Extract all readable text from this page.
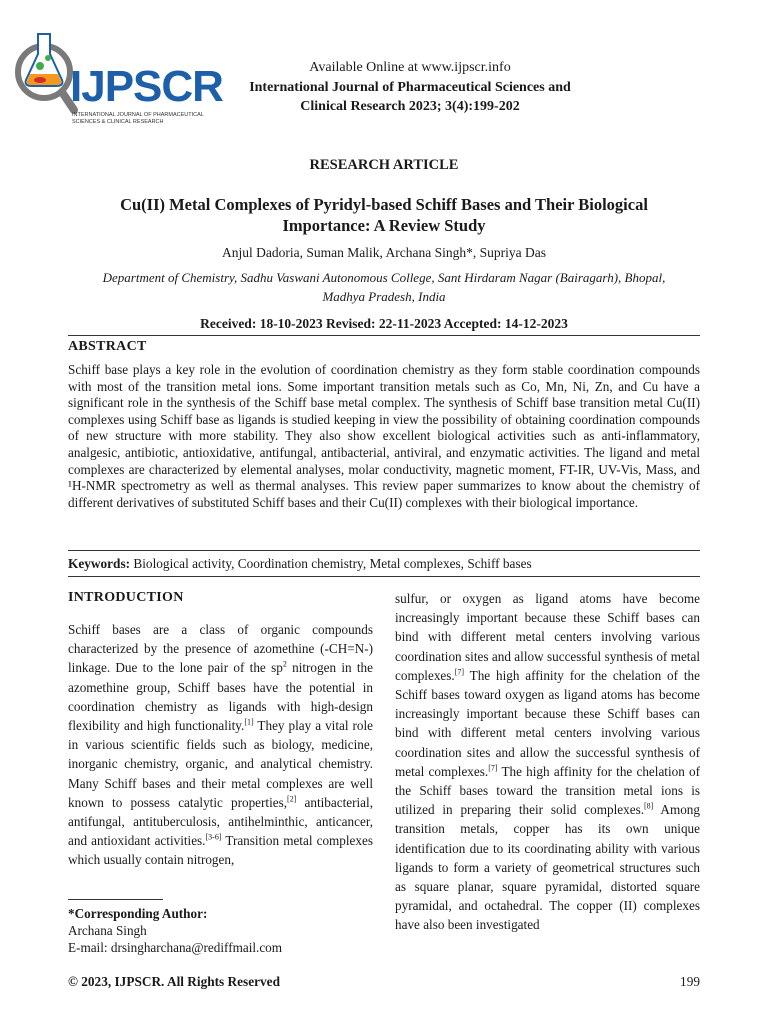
IJPSCR
INTERNATIONAL JOURNAL OF PHARMACEUTICAL SCIENCES & CLINICAL RESEARCH
Available Online at www.ijpscr.info
International Journal of Pharmaceutical Sciences and
Clinical Research 2023; 3(4):199-202
RESEARCH ARTICLE
Cu(II) Metal Complexes of Pyridyl-based Schiff Bases and Their Biological
Importance: A Review Study
Anjul Dadoria, Suman Malik, Archana Singh*, Supriya Das
Department of Chemistry, Sadhu Vaswani Autonomous College, Sant Hirdaram Nagar (Bairagarh), Bhopal,
Madhya Pradesh, India
Received: 18-10-2023 Revised: 22-11-2023 Accepted: 14-12-2023
ABSTRACT
Schiff base plays a key role in the evolution of coordination chemistry as they form stable coordination compounds with most of the transition metal ions. Some important transition metals such as Co, Mn, Ni, Zn, and Cu have a significant role in the synthesis of the Schiff base metal complex. The synthesis of Schiff base transition metal Cu(II) complexes using Schiff base as ligands is studied keeping in view the possibility of obtaining coordination compounds of new structure with more stability. They also show excellent biological activities such as anti-inflammatory, analgesic, antibiotic, antioxidative, antifungal, antibacterial, antiviral, and enzymatic activities. The ligand and metal complexes are characterized by elemental analyses, molar conductivity, magnetic moment, FT-IR, UV-Vis, Mass, and ¹H-NMR spectrometry as well as thermal analyses. This review paper summarizes to know about the chemistry of different derivatives of substituted Schiff bases and their Cu(II) complexes with their biological importance.
Keywords: Biological activity, Coordination chemistry, Metal complexes, Schiff bases
INTRODUCTION
Schiff bases are a class of organic compounds characterized by the presence of azomethine (-CH=N-) linkage. Due to the lone pair of the $sp^2$ nitrogen in the azomethine group, Schiff bases have the potential in coordination chemistry as ligands with high-design flexibility and high functionality.[1] They play a vital role in various scientific fields such as biology, medicine, inorganic chemistry, organic, and analytical chemistry. Many Schiff bases and their metal complexes are well known to possess catalytic properties,[2] antibacterial, antifungal, antituberculosis, antihelminthic, anticancer, and antioxidant activities.[3-6] Transition metal complexes which usually contain nitrogen,
*Corresponding Author:
Archana Singh
E-mail: drsingharchana@rediffmail.com
sulfur, or oxygen as ligand atoms have become increasingly important because these Schiff bases can bind with different metal centers involving various coordination sites and allow successful synthesis of metal complexes.[7] The high affinity for the chelation of the Schiff bases toward oxygen as ligand atoms has become increasingly important because these Schiff bases can bind with different metal centers involving various coordination sites and allow the successful synthesis of metal complexes.[7] The high affinity for the chelation of the Schiff bases toward the transition metal ions is utilized in preparing their solid complexes.[8] Among transition metals, copper has its own unique identification due to its coordinating ability with various ligands to form a variety of geometrical structures such as square planar, square pyramidal, distorted square pyramidal, and octahedral. The copper (II) complexes have also been investigated
© 2023, IJPSCR. All Rights Reserved	199
